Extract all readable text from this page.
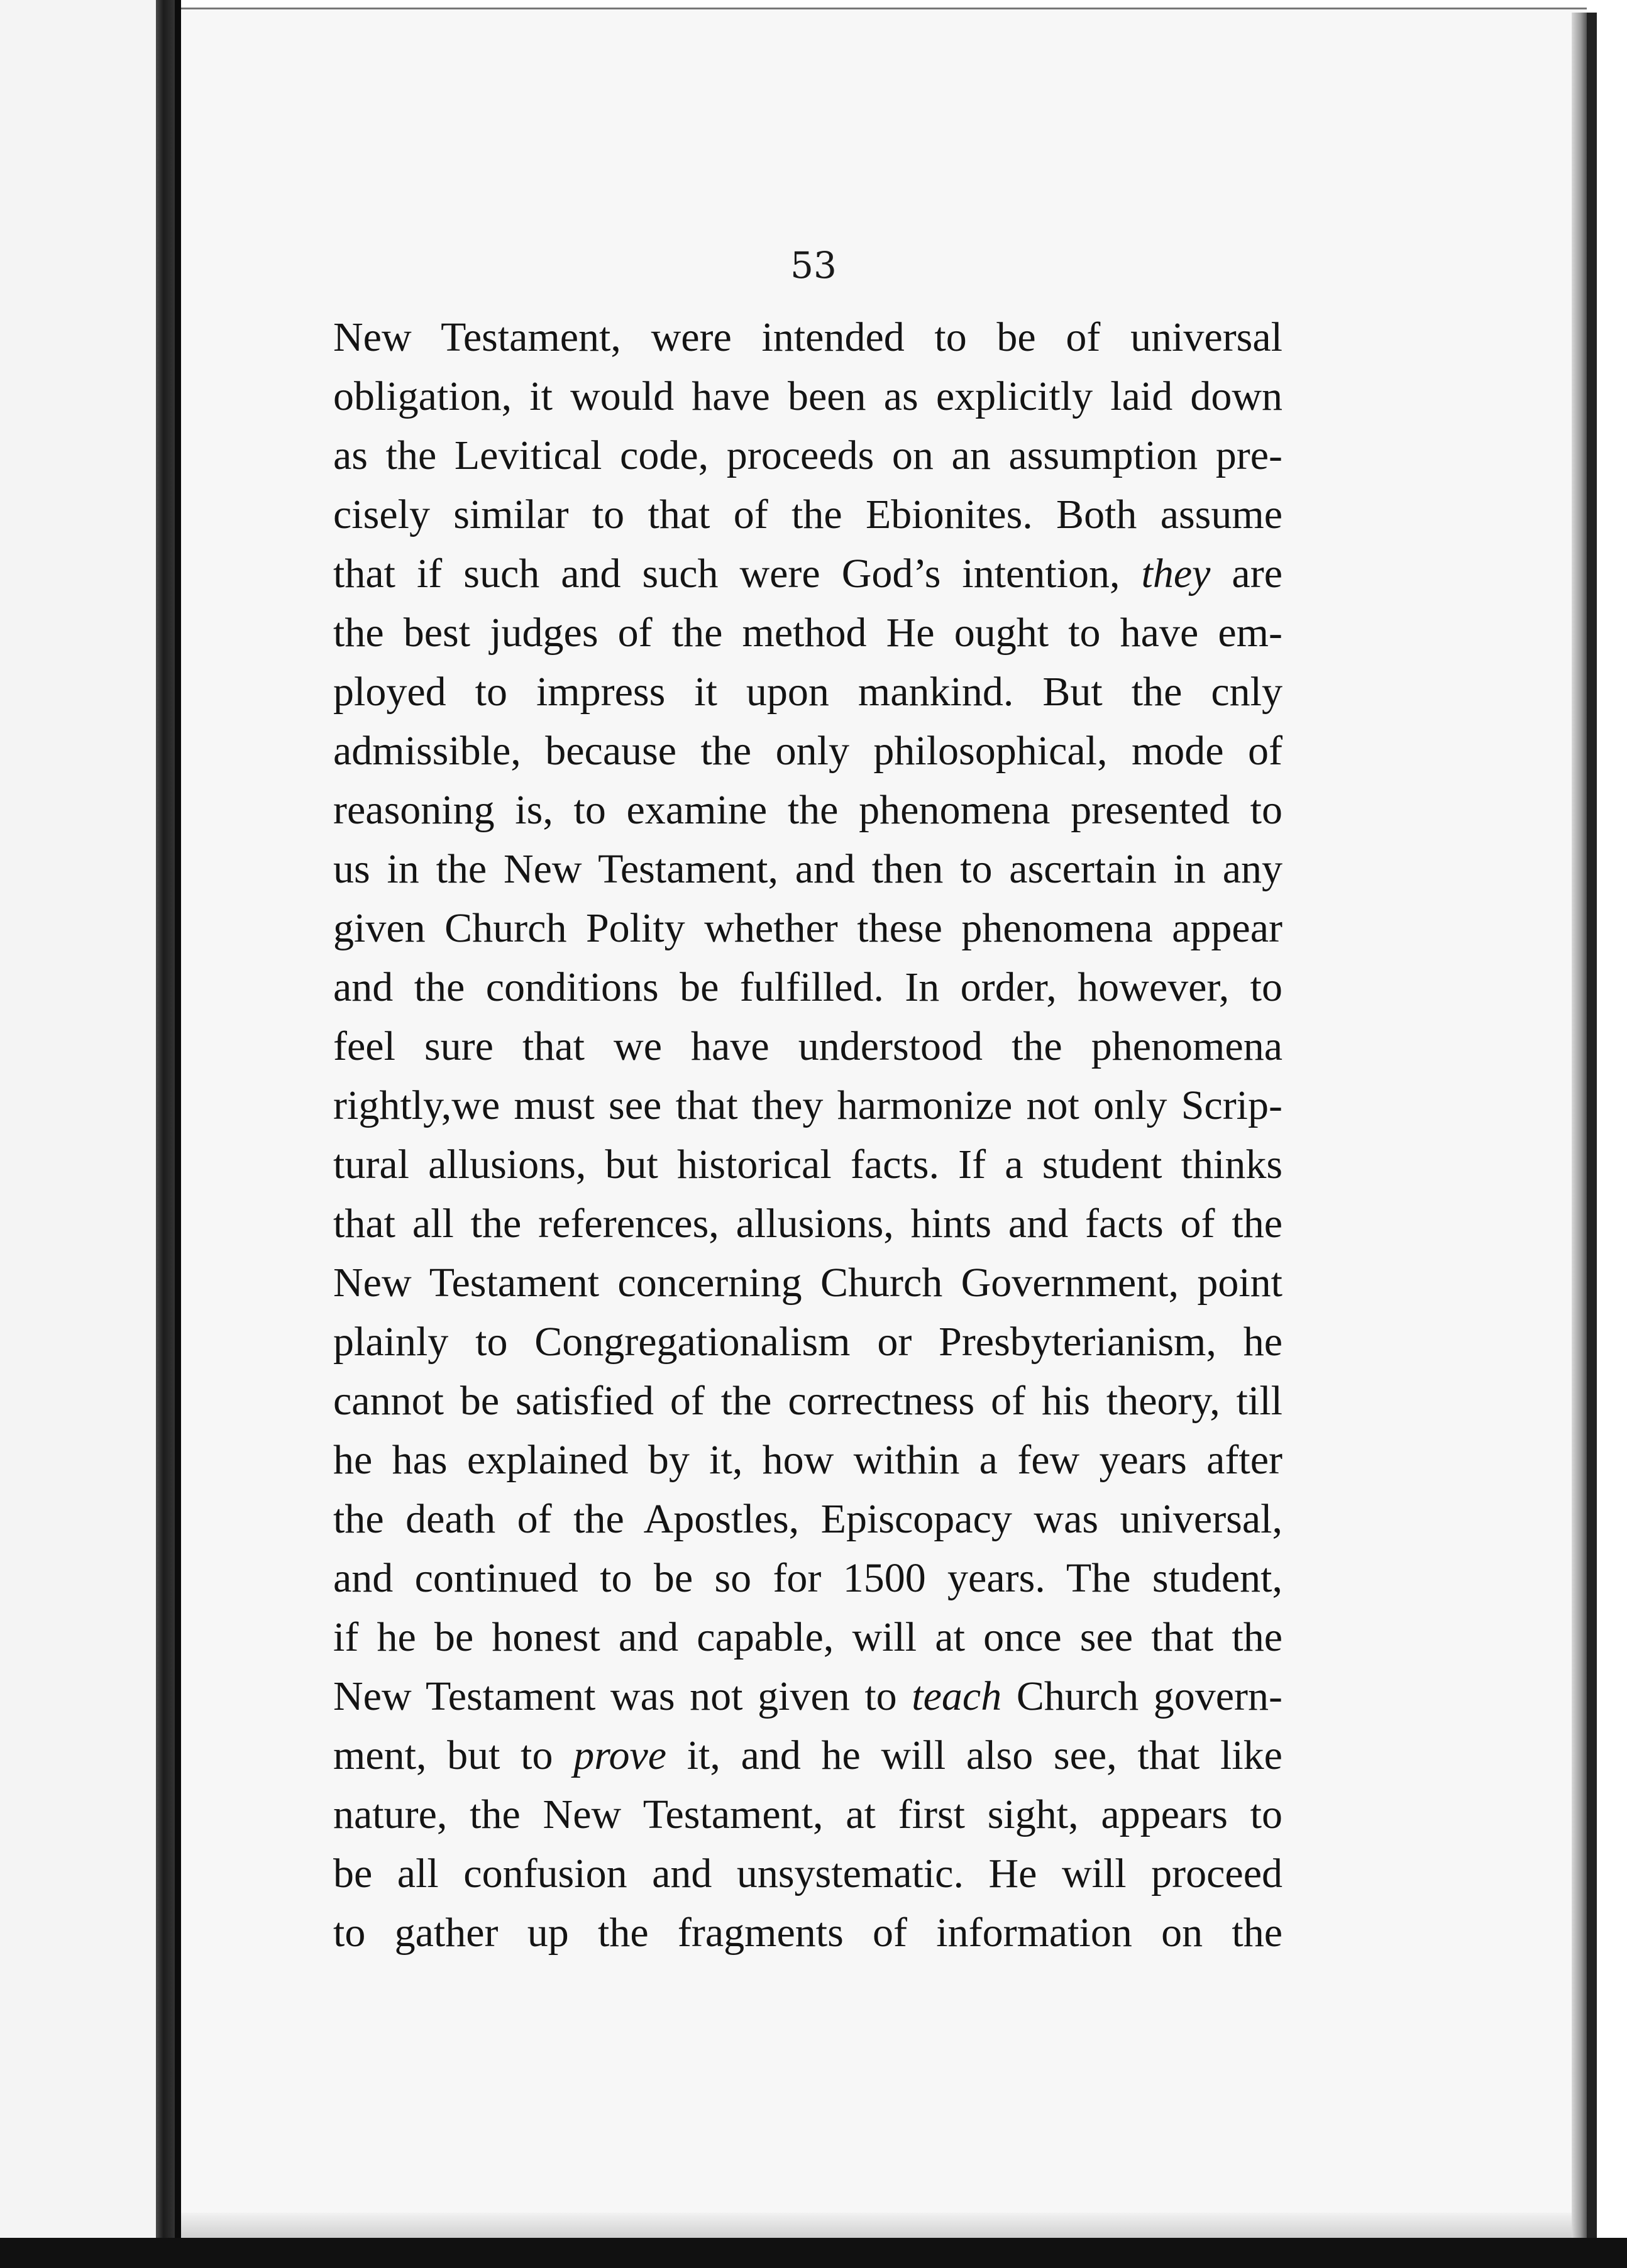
53
New Testament, were intended to be of universal
obligation, it would have been as explicitly laid down
as the Levitical code, proceeds on an assumption pre-
cisely similar to that of the Ebionites. Both assume
that if such and such were God’s intention, they are
the best judges of the method He ought to have em-
ployed to impress it upon mankind. But the cnly
admissible, because the only philosophical, mode of
reasoning is, to examine the phenomena presented to
us in the New Testament, and then to ascertain in any
given Church Polity whether these phenomena appear
and the conditions be fulfilled. In order, however, to
feel sure that we have understood the phenomena
rightly,we must see that they harmonize not only Scrip-
tural allusions, but historical facts. If a student thinks
that all the references, allusions, hints and facts of the
New Testament concerning Church Government, point
plainly to Congregationalism or Presbyterianism, he
cannot be satisfied of the correctness of his theory, till
he has explained by it, how within a few years after
the death of the Apostles, Episcopacy was universal,
and continued to be so for 1500 years. The student,
if he be honest and capable, will at once see that the
New Testament was not given to teach Church govern-
ment, but to prove it, and he will also see, that like
nature, the New Testament, at first sight, appears to
be all confusion and unsystematic. He will proceed
to gather up the fragments of information on the
